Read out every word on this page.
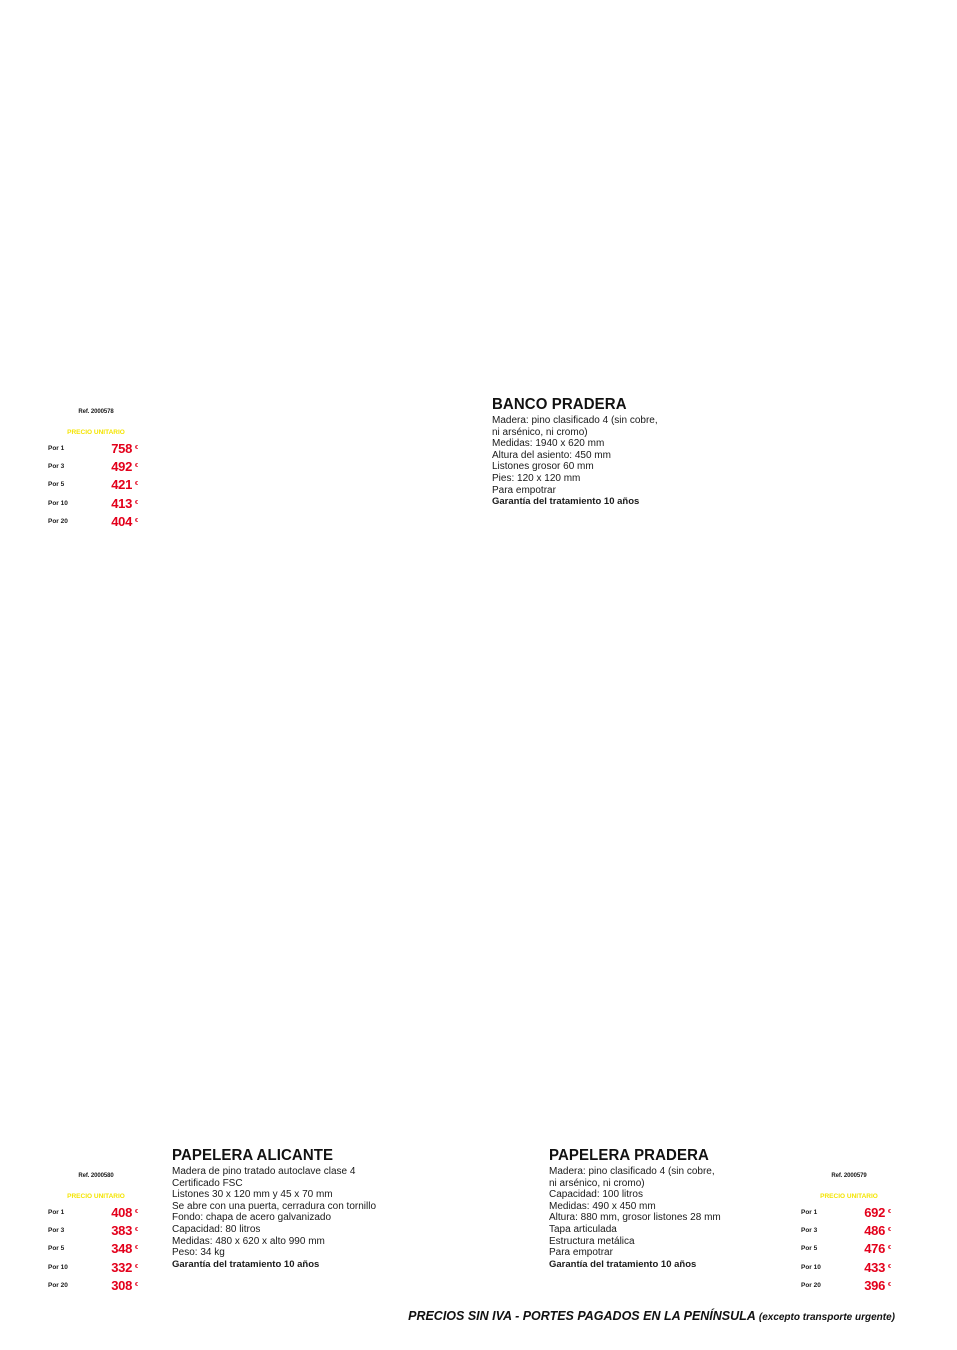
Ref. 2000578
PRECIO UNITARIO
Por 1	758 €
Por 3	492 €
Por 5	421 €
Por 10	413 €
Por 20	404 €
BANCO PRADERA
Madera: pino clasificado 4 (sin cobre,
ni arsénico, ni cromo)
Medidas: 1940 x 620 mm
Altura del asiento: 450 mm
Listones grosor 60 mm
Pies: 120 x 120 mm
Para empotrar
Garantía del tratamiento 10 años
Ref. 2000580
PRECIO UNITARIO
Por 1	408 €
Por 3	383 €
Por 5	348 €
Por 10	332 €
Por 20	308 €
PAPELERA ALICANTE
Madera de pino tratado autoclave clase 4
Certificado FSC
Listones 30 x 120 mm y 45 x 70 mm
Se abre con una puerta, cerradura con tornillo
Fondo: chapa de acero galvanizado
Capacidad: 80 litros
Medidas: 480 x 620 x alto 990 mm
Peso: 34 kg
Garantía del tratamiento 10 años
PAPELERA PRADERA
Madera: pino clasificado 4 (sin cobre,
ni arsénico, ni cromo)
Capacidad: 100 litros
Medidas: 490 x 450 mm
Altura: 880 mm, grosor listones 28 mm
Tapa articulada
Estructura metálica
Para empotrar
Garantía del tratamiento 10 años
Ref. 2000579
PRECIO UNITARIO
Por 1	692 €
Por 3	486 €
Por 5	476 €
Por 10	433 €
Por 20	396 €
PRECIOS SIN IVA - PORTES PAGADOS EN LA PENÍNSULA (excepto transporte urgente)
